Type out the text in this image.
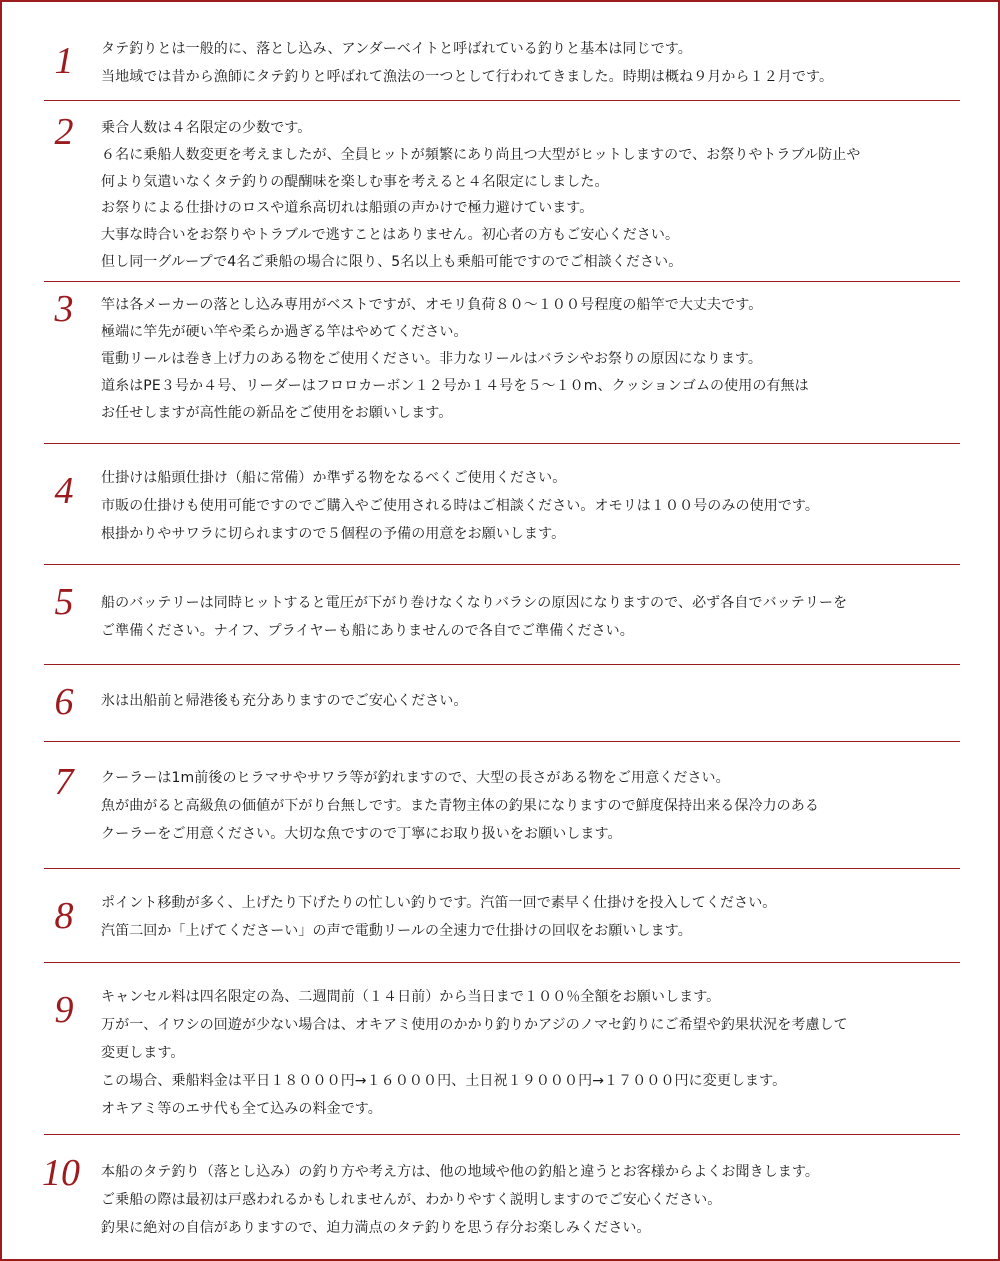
1	タテ釣りとは一般的に、落とし込み、アンダーベイトと呼ばれている釣りと基本は同じです。
当地域では昔から漁師にタテ釣りと呼ばれて漁法の一つとして行われてきました。時期は概ね９月から１２月です。
2	乗合人数は４名限定の少数です。
６名に乗船人数変更を考えましたが、全員ヒットが頻繁にあり尚且つ大型がヒットしますので、お祭りやトラブル防止や
何より気遣いなくタテ釣りの醍醐味を楽しむ事を考えると４名限定にしました。
お祭りによる仕掛けのロスや道糸高切れは船頭の声かけで極力避けています。
大事な時合いをお祭りやトラブルで逃すことはありません。初心者の方もご安心ください。
但し同一グループで4名ご乗船の場合に限り、5名以上も乗船可能ですのでご相談ください。
3	竿は各メーカーの落とし込み専用がベストですが、オモリ負荷８０〜１００号程度の船竿で大丈夫です。
極端に竿先が硬い竿や柔らか過ぎる竿はやめてください。
電動リールは巻き上げ力のある物をご使用ください。非力なリールはバラシやお祭りの原因になります。
道糸はPE３号か４号、リーダーはフロロカーボン１２号か１４号を５〜１０m、クッションゴムの使用の有無は
お任せしますが高性能の新品をご使用をお願いします。
4	仕掛けは船頭仕掛け（船に常備）か準ずる物をなるべくご使用ください。
市販の仕掛けも使用可能ですのでご購入やご使用される時はご相談ください。オモリは１００号のみの使用です。
根掛かりやサワラに切られますので５個程の予備の用意をお願いします。
5	船のバッテリーは同時ヒットすると電圧が下がり巻けなくなりバラシの原因になりますので、必ず各自でバッテリーを
ご準備ください。ナイフ、プライヤーも船にありませんので各自でご準備ください。
6	氷は出船前と帰港後も充分ありますのでご安心ください。
7	クーラーは1m前後のヒラマサやサワラ等が釣れますので、大型の長さがある物をご用意ください。
魚が曲がると高級魚の価値が下がり台無しです。また青物主体の釣果になりますので鮮度保持出来る保冷力のある
クーラーをご用意ください。大切な魚ですので丁寧にお取り扱いをお願いします。
8	ポイント移動が多く、上げたり下げたりの忙しい釣りです。汽笛一回で素早く仕掛けを投入してください。
汽笛二回か「上げてくださーい」の声で電動リールの全速力で仕掛けの回収をお願いします。
9	キャンセル料は四名限定の為、二週間前（１４日前）から当日まで１００％全額をお願いします。
万が一、イワシの回遊が少ない場合は、オキアミ使用のかかり釣りかアジのノマセ釣りにご希望や釣果状況を考慮して
変更します。
この場合、乗船料金は平日１８０００円→１６０００円、土日祝１９０００円→１７０００円に変更します。
オキアミ等のエサ代も全て込みの料金です。
10 本船のタテ釣り（落とし込み）の釣り方や考え方は、他の地域や他の釣船と違うとお客様からよくお聞きします。
ご乗船の際は最初は戸惑われるかもしれませんが、わかりやすく説明しますのでご安心ください。
釣果に絶対の自信がありますので、迫力満点のタテ釣りを思う存分お楽しみください。
